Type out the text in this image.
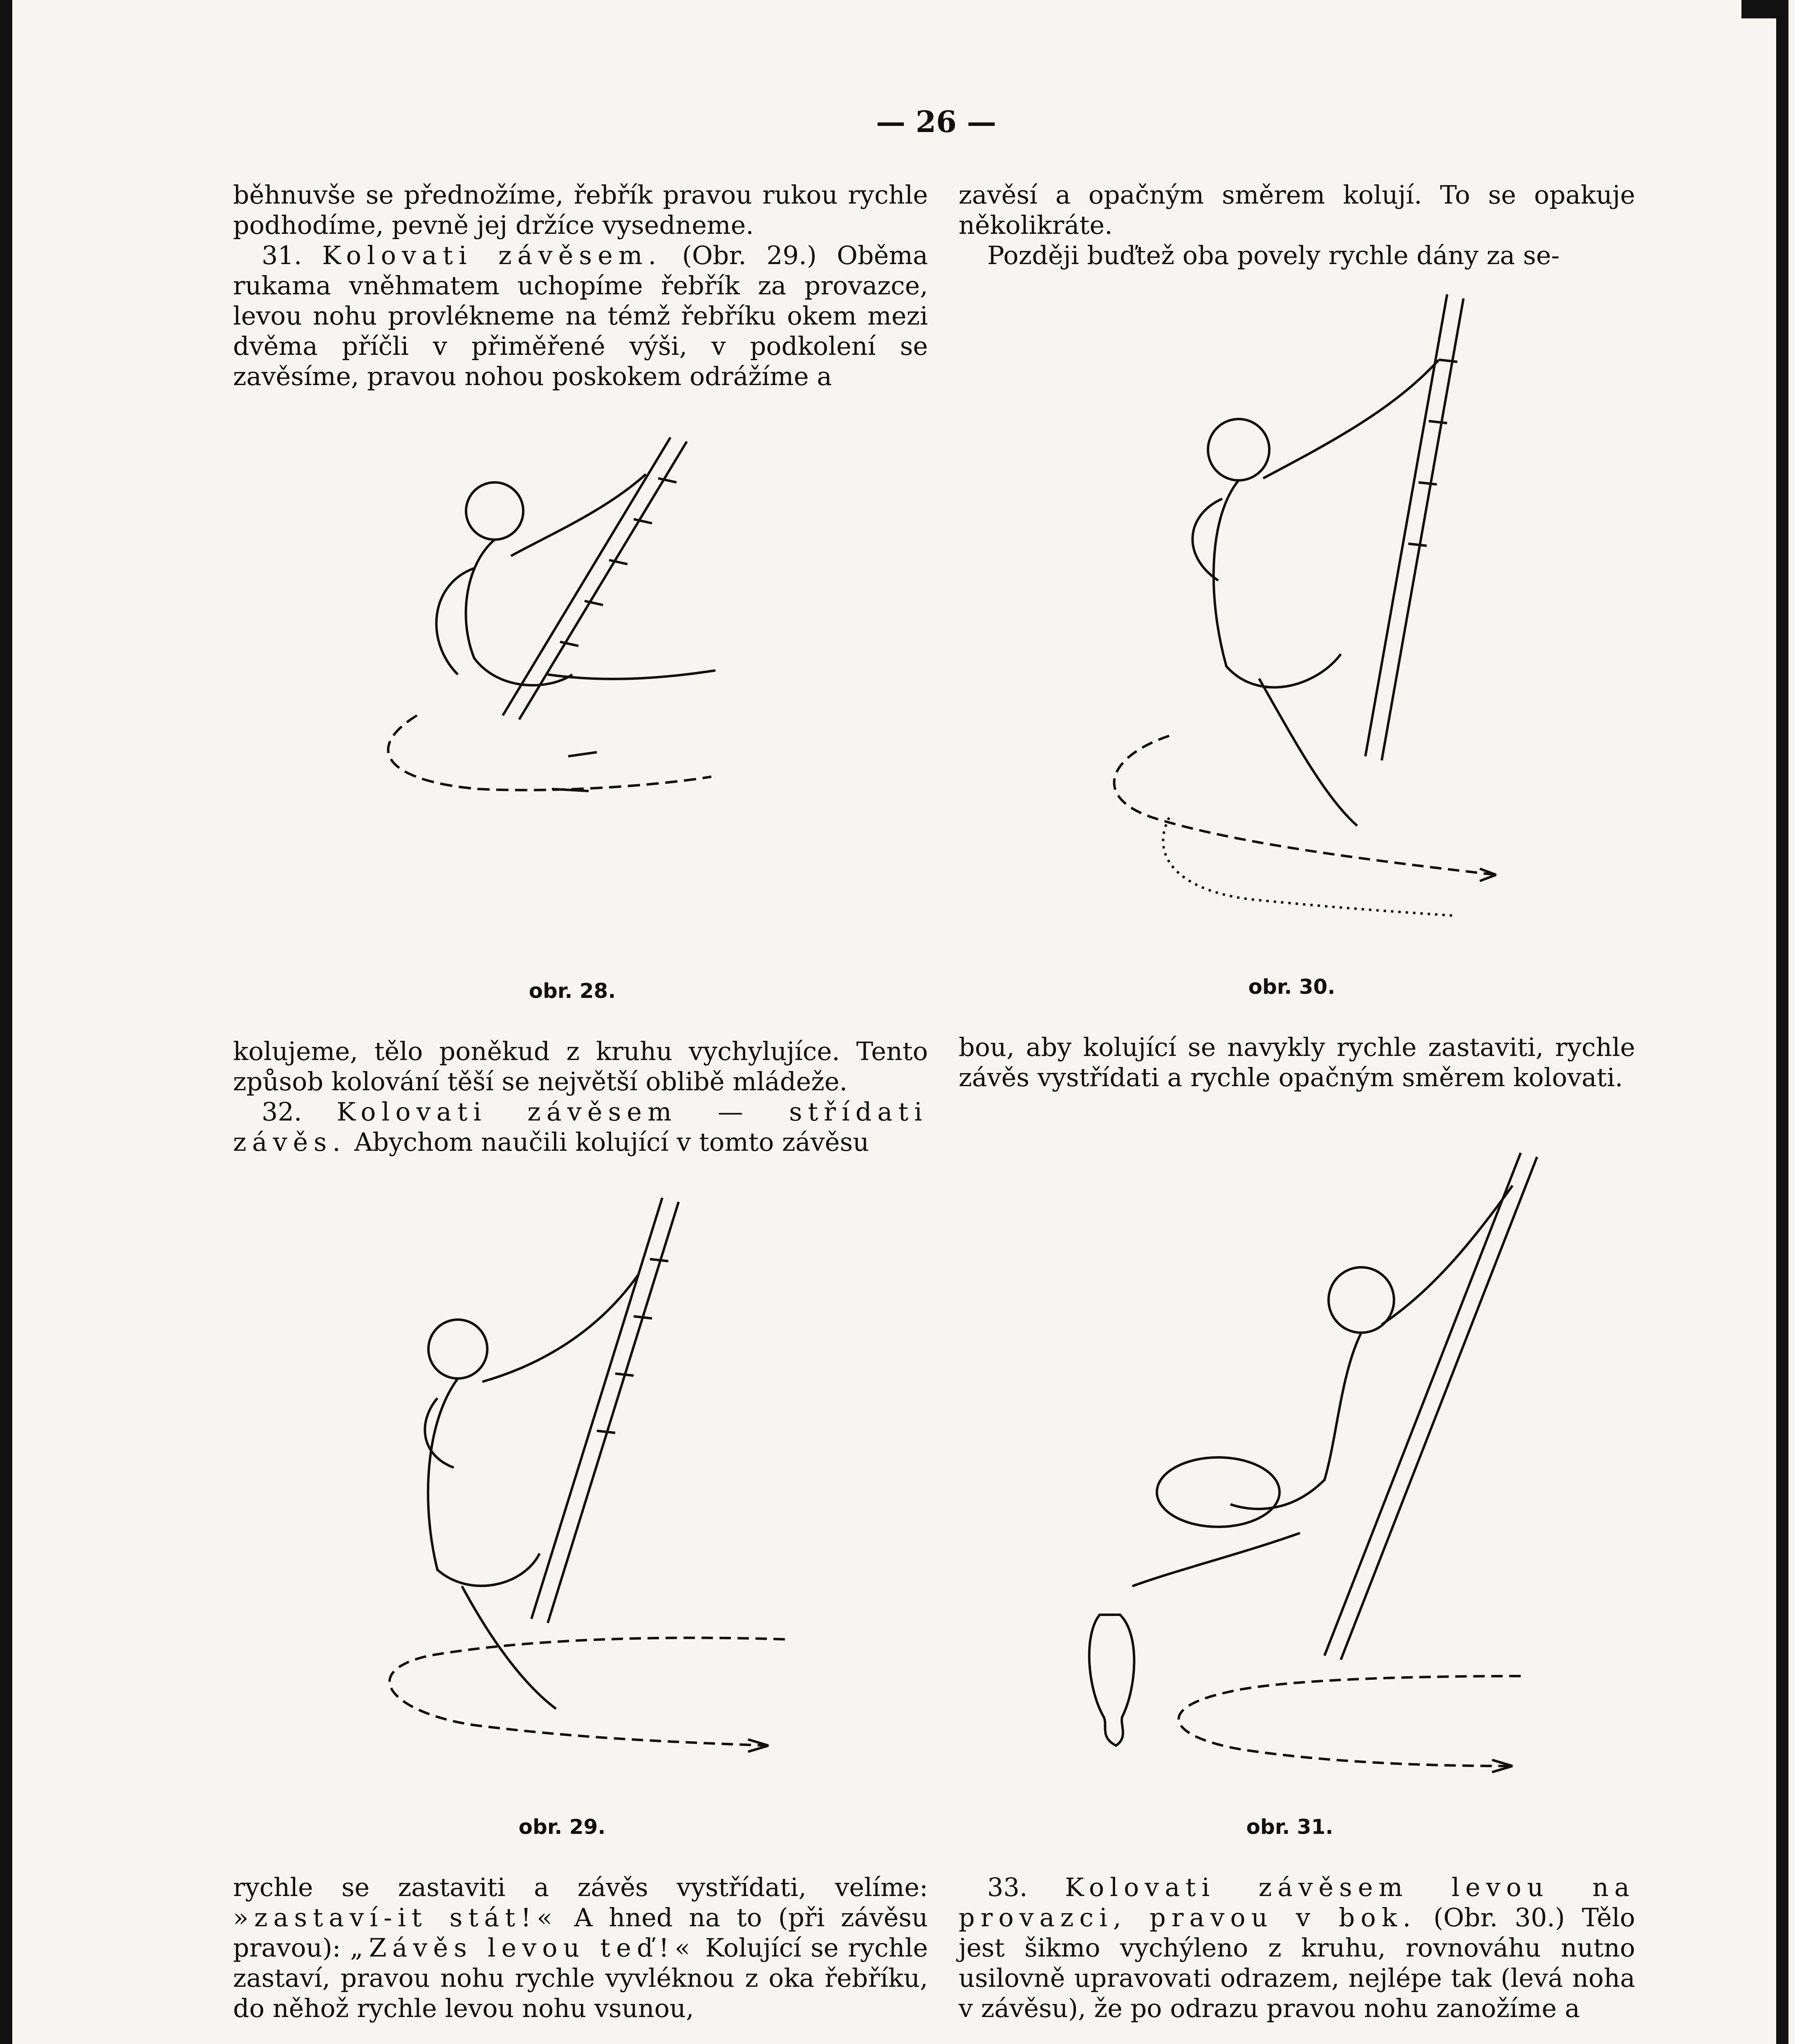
— 26 —

běhnuvše se přednožíme, řebřík pravou rukou rychle podhodíme, pevně jej držíce vysedneme.

31. Kolovati závěsem. (Obr. 29.) Oběma rukama vněhmatem uchopíme řebřík za provazce, levou nohu provlékneme na témž řebříku okem mezi dvěma příčli v přiměřené výši, v podkolení se zavěsíme, pravou nohou poskokem odrážíme a

zavěsí a opačným směrem kolují. To se opakuje několikráte.

Později buďtež oba povely rychle dány za se-

obr. 28.	obr. 30.

kolujeme, tělo poněkud z kruhu vychylujíce. Tento způsob kolování těší se největší oblibě mládeže.

32. Kolovati závěsem — střídati závěs. Abychom naučili kolující v tomto závěsu

bou, aby kolující se navykly rychle zastaviti, rychle závěs vystřídati a rychle opačným směrem kolovati.

obr. 29.	obr. 31.

rychle se zastaviti a závěs vystřídati, velíme: »zastaví-it stát!« A hned na to (při závěsu pravou): „Závěs levou teď!« Kolující se rychle zastaví, pravou nohu rychle vyvléknou z oka řebříku, do něhož rychle levou nohu vsunou,

33. Kolovati závěsem levou na provazci, pravou v bok. (Obr. 30.) Tělo jest šikmo vychýleno z kruhu, rovnováhu nutno usilovně upravovati odrazem, nejlépe tak (levá noha v závěsu), že po odrazu pravou nohu zanožíme a
